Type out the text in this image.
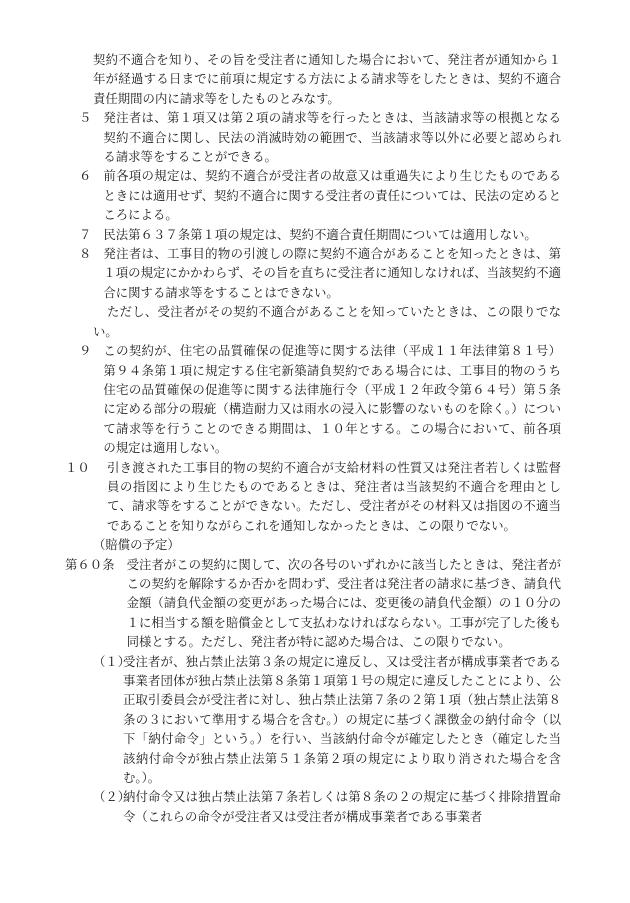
契約不適合を知り、その旨を受注者に通知した場合において、発注者が通知から１年が経過する日までに前項に規定する方法による請求等をしたときは、契約不適合責任期間の内に請求等をしたものとみなす。

５ 発注者は、第１項又は第２項の請求等を行ったときは、当該請求等の根拠となる契約不適合に関し、民法の消滅時効の範囲で、当該請求等以外に必要と認められる請求等をすることができる。
６ 前各項の規定は、契約不適合が受注者の故意又は重過失により生じたものであるときには適用せず、契約不適合に関する受注者の責任については、民法の定めるところによる。
７ 民法第６３７条第１項の規定は、契約不適合責任期間については適用しない。
８ 発注者は、工事目的物の引渡しの際に契約不適合があることを知ったときは、第１項の規定にかかわらず、その旨を直ちに受注者に通知しなければ、当該契約不適合に関する請求等をすることはできない。

ただし、受注者がその契約不適合があることを知っていたときは、この限りでない。

９ この契約が、住宅の品質確保の促進等に関する法律（平成１１年法律第８１号）第９４条第１項に規定する住宅新築請負契約である場合には、工事目的物のうち住宅の品質確保の促進等に関する法律施行令（平成１２年政令第６４号）第５条に定める部分の瑕疵（構造耐力又は雨水の浸入に影響のないものを除く。）について請求等を行うことのできる期間は、１０年とする。この場合において、前各項の規定は適用しない。
１０	引き渡された工事目的物の契約不適合が支給材料の性質又は発注者若しくは監督員の指図により生じたものであるときは、発注者は当該契約不適合を理由として、請求等をすることができない。ただし、受注者がその材料又は指図の不適当であることを知りながらこれを通知しなかったときは、この限りでない。

（賠償の予定）

第６０条 受注者がこの契約に関して、次の各号のいずれかに該当したときは、発注者がこの契約を解除するか否かを問わず、受注者は発注者の請求に基づき、請負代金額（請負代金額の変更があった場合には、変更後の請負代金額）の１０分の１に相当する額を賠償金として支払わなければならない。工事が完了した後も同様とする。ただし、発注者が特に認めた場合は、この限りでない。
（１）
受注者が、独占禁止法第３条の規定に違反し、又は受注者が構成事業者である事業者団体が独占禁止法第８条第１項第１号の規定に違反したことにより、公正取引委員会が受注者に対し、独占禁止法第７条の２第１項（独占禁止法第８条の３において準用する場合を含む。）の規定に基づく課徴金の納付命令（以下「納付命令」という。）を行い、当該納付命令が確定したとき（確定した当該納付命令が独占禁止法第５１条第２項の規定により取り消された場合を含む。）。
（２）
納付命令又は独占禁止法第７条若しくは第８条の２の規定に基づく排除措置命令（これらの命令が受注者又は受注者が構成事業者である事業者
